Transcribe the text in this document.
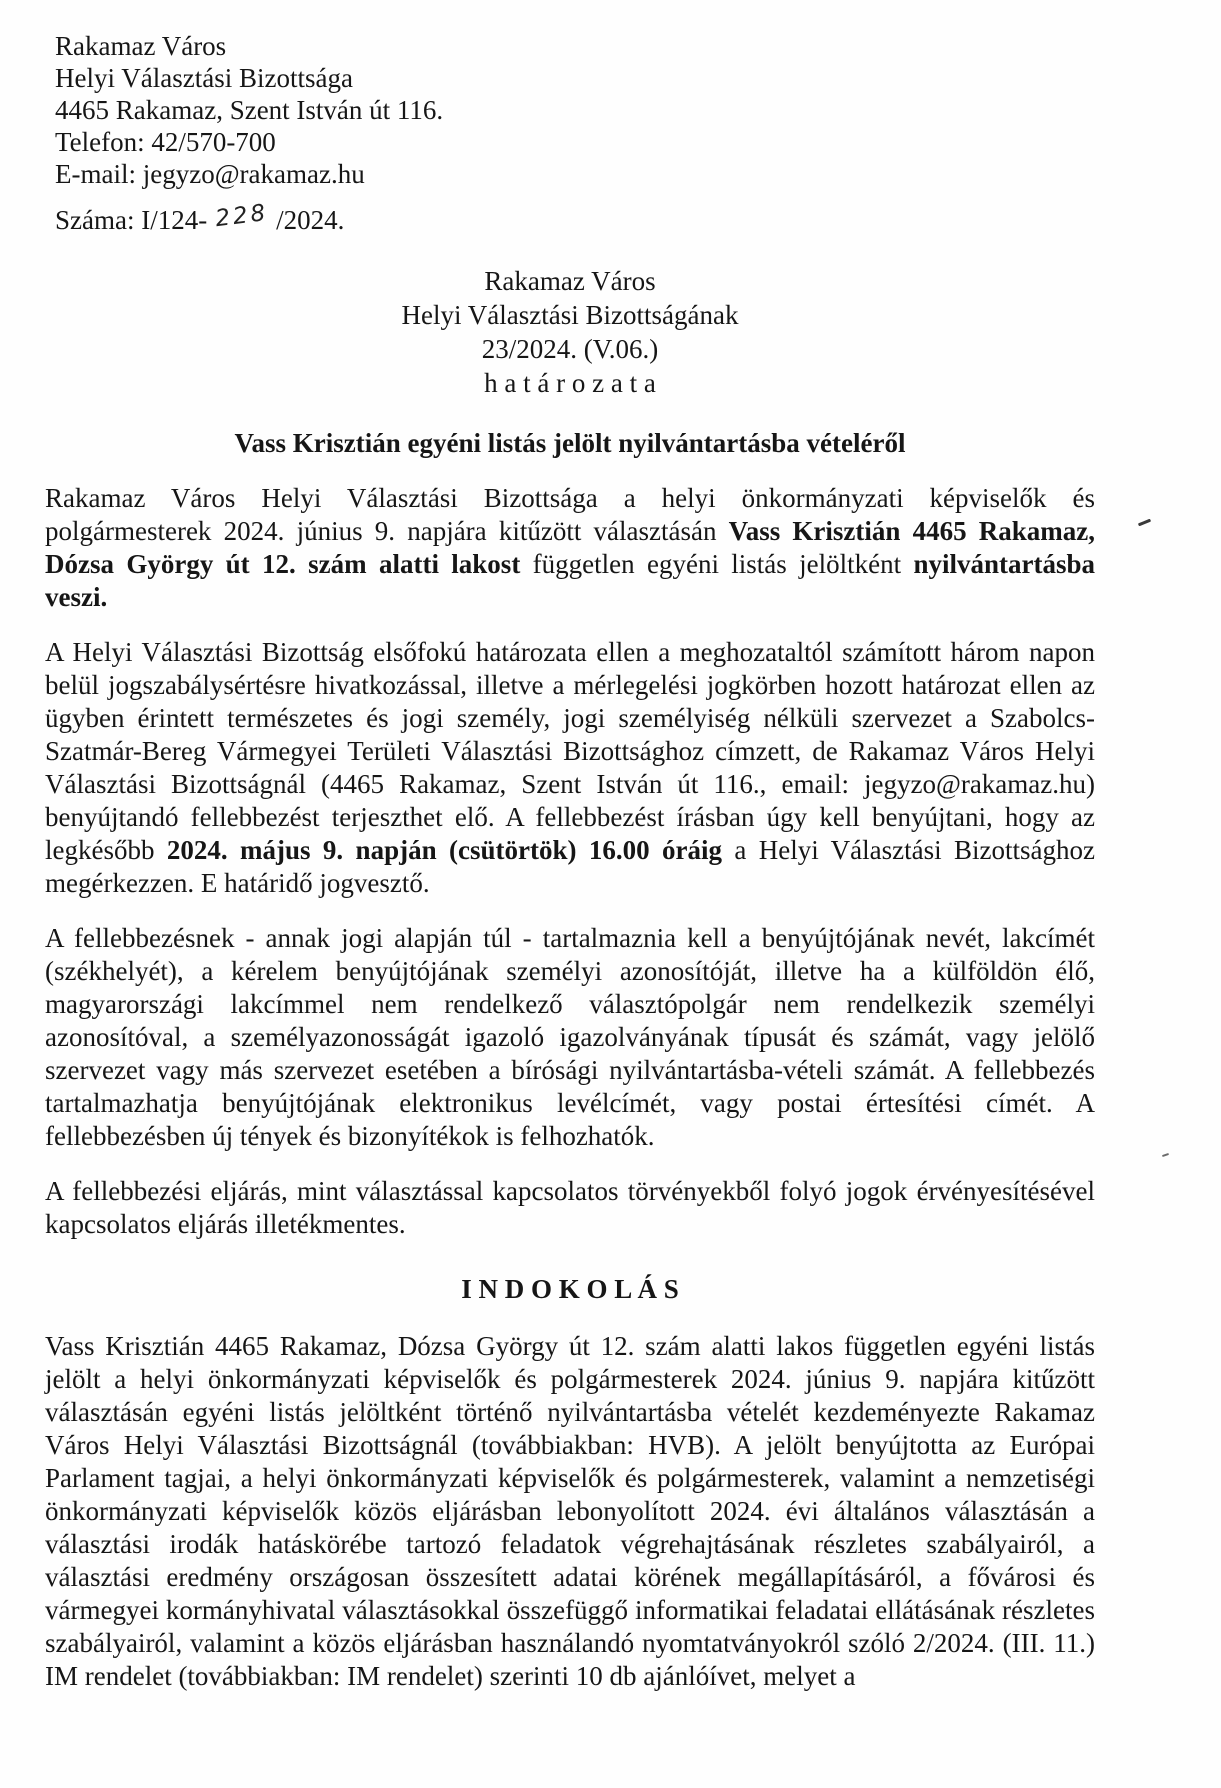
Rakamaz Város
Helyi Választási Bizottsága
4465 Rakamaz, Szent István út 116.
Telefon: 42/570-700
E-mail: jegyzo@rakamaz.hu
Száma: I/124- 228 /2024.
Rakamaz Város
Helyi Választási Bizottságának
23/2024. (V.06.)
h a t á r o z a t a
Vass Krisztián egyéni listás jelölt nyilvántartásba vételéről
Rakamaz Város Helyi Választási Bizottsága a helyi önkormányzati képviselők és polgármesterek 2024. június 9. napjára kitűzött választásán Vass Krisztián 4465 Rakamaz, Dózsa György út 12. szám alatti lakost független egyéni listás jelöltként nyilvántartásba veszi.
A Helyi Választási Bizottság elsőfokú határozata ellen a meghozataltól számított három napon belül jogszabálysértésre hivatkozással, illetve a mérlegelési jogkörben hozott határozat ellen az ügyben érintett természetes és jogi személy, jogi személyiség nélküli szervezet a Szabolcs-Szatmár-Bereg Vármegyei Területi Választási Bizottsághoz címzett, de Rakamaz Város Helyi Választási Bizottságnál (4465 Rakamaz, Szent István út 116., email: jegyzo@rakamaz.hu) benyújtandó fellebbezést terjeszthet elő. A fellebbezést írásban úgy kell benyújtani, hogy az legkésőbb 2024. május 9. napján (csütörtök) 16.00 óráig a Helyi Választási Bizottsághoz megérkezzen. E határidő jogvesztő.
A fellebbezésnek - annak jogi alapján túl - tartalmaznia kell a benyújtójának nevét, lakcímét (székhelyét), a kérelem benyújtójának személyi azonosítóját, illetve ha a külföldön élő, magyarországi lakcímmel nem rendelkező választópolgár nem rendelkezik személyi azonosítóval, a személyazonosságát igazoló igazolványának típusát és számát, vagy jelölő szervezet vagy más szervezet esetében a bírósági nyilvántartásba-vételi számát. A fellebbezés tartalmazhatja benyújtójának elektronikus levélcímét, vagy postai értesítési címét. A fellebbezésben új tények és bizonyítékok is felhozhatók.
A fellebbezési eljárás, mint választással kapcsolatos törvényekből folyó jogok érvényesítésével kapcsolatos eljárás illetékmentes.
I N D O K O L Á S
Vass Krisztián 4465 Rakamaz, Dózsa György út 12. szám alatti lakos független egyéni listás jelölt a helyi önkormányzati képviselők és polgármesterek 2024. június 9. napjára kitűzött választásán egyéni listás jelöltként történő nyilvántartásba vételét kezdeményezte Rakamaz Város Helyi Választási Bizottságnál (továbbiakban: HVB). A jelölt benyújtotta az Európai Parlament tagjai, a helyi önkormányzati képviselők és polgármesterek, valamint a nemzetiségi önkormányzati képviselők közös eljárásban lebonyolított 2024. évi általános választásán a választási irodák hatáskörébe tartozó feladatok végrehajtásának részletes szabályairól, a választási eredmény országosan összesített adatai körének megállapításáról, a fővárosi és vármegyei kormányhivatal választásokkal összefüggő informatikai feladatai ellátásának részletes szabályairól, valamint a közös eljárásban használandó nyomtatványokról szóló 2/2024. (III. 11.) IM rendelet (továbbiakban: IM rendelet) szerinti 10 db ajánlóívet, melyet a
